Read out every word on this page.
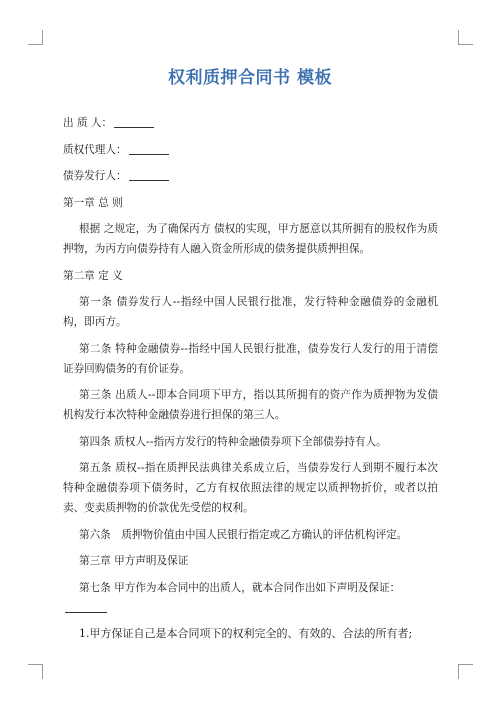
权利质押合同书 模板

出 质 人：

质权代理人：

债券发行人：

第一章 总 则

根据 之规定，为了确保丙方 债权的实现，甲方愿意以其所拥有的股权作为质押物，为丙方向债券持有人融入资金所形成的债务提供质押担保。

第二章 定 义

第一条 债券发行人--指经中国人民银行批准，发行特种金融债券的金融机构，即丙方。

第二条 特种金融债券--指经中国人民银行批准，债券发行人发行的用于清偿证券回购债务的有价证券。

第三条 出质人--即本合同项下甲方，指以其所拥有的资产作为质押物为发债机构发行本次特种金融债券进行担保的第三人。

第四条 质权人--指丙方发行的特种金融债券项下全部债券持有人。

第五条 质权--指在质押民法典律关系成立后，当债券发行人到期不履行本次特种金融债券项下债务时，乙方有权依照法律的规定以质押物折价，或者以拍卖、变卖质押物的价款优先受偿的权利。

第六条　质押物价值由中国人民银行指定或乙方确认的评估机构评定。

第三章 甲方声明及保证

第七条 甲方作为本合同中的出质人，就本合同作出如下声明及保证：

1.甲方保证自己是本合同项下的权利完全的、有效的、合法的所有者;
